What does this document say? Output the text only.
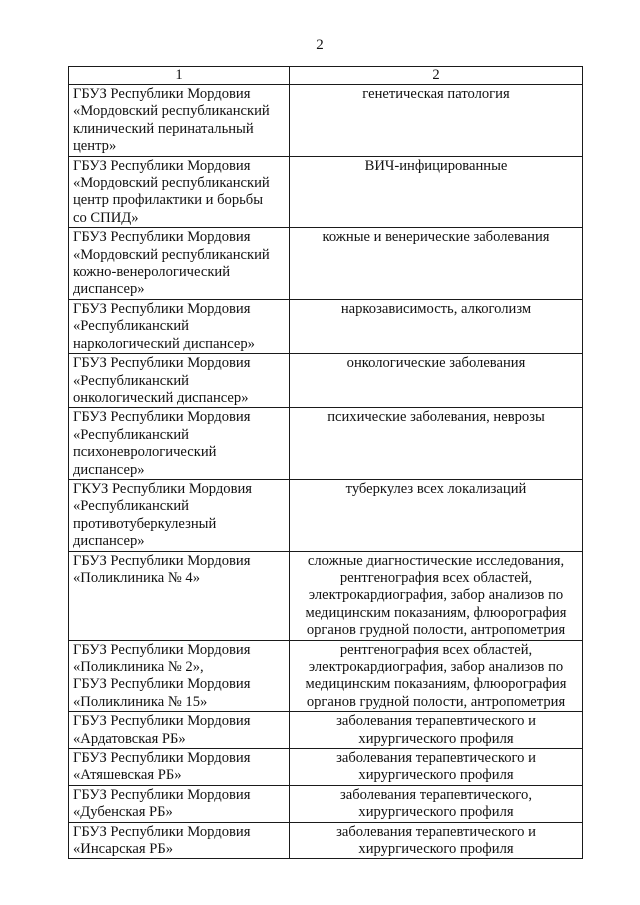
2
1	2

ГБУЗ Республики Мордовия
«Мордовский республиканский
клинический перинатальный
центр»	генетическая патология

ГБУЗ Республики Мордовия
«Мордовский республиканский
центр профилактики и борьбы
со СПИД»	ВИЧ-инфицированные

ГБУЗ Республики Мордовия
«Мордовский республиканский
кожно-венерологический
диспансер»	кожные и венерические заболевания

ГБУЗ Республики Мордовия
«Республиканский
наркологический диспансер»	наркозависимость, алкоголизм

ГБУЗ Республики Мордовия
«Республиканский
онкологический диспансер»	онкологические заболевания

ГБУЗ Республики Мордовия
«Республиканский
психоневрологический
диспансер»	психические заболевания, неврозы

ГКУЗ Республики Мордовия
«Республиканский
противотуберкулезный
диспансер»	туберкулез всех локализаций

ГБУЗ Республики Мордовия
«Поликлиника № 4»	сложные диагностические исследования,
рентгенография всех областей,
электрокардиография, забор анализов по
медицинским показаниям, флюорография
органов грудной полости, антропометрия

ГБУЗ Республики Мордовия
«Поликлиника № 2»,
ГБУЗ Республики Мордовия
«Поликлиника № 15»	рентгенография всех областей,
электрокардиография, забор анализов по
медицинским показаниям, флюорография
органов грудной полости, антропометрия

ГБУЗ Республики Мордовия
«Ардатовская РБ»	заболевания терапевтического и
хирургического профиля

ГБУЗ Республики Мордовия
«Атяшевская РБ»	заболевания терапевтического и
хирургического профиля

ГБУЗ Республики Мордовия
«Дубенская РБ»	заболевания терапевтического,
хирургического профиля

ГБУЗ Республики Мордовия
«Инсарская РБ»	заболевания терапевтического и
хирургического профиля
